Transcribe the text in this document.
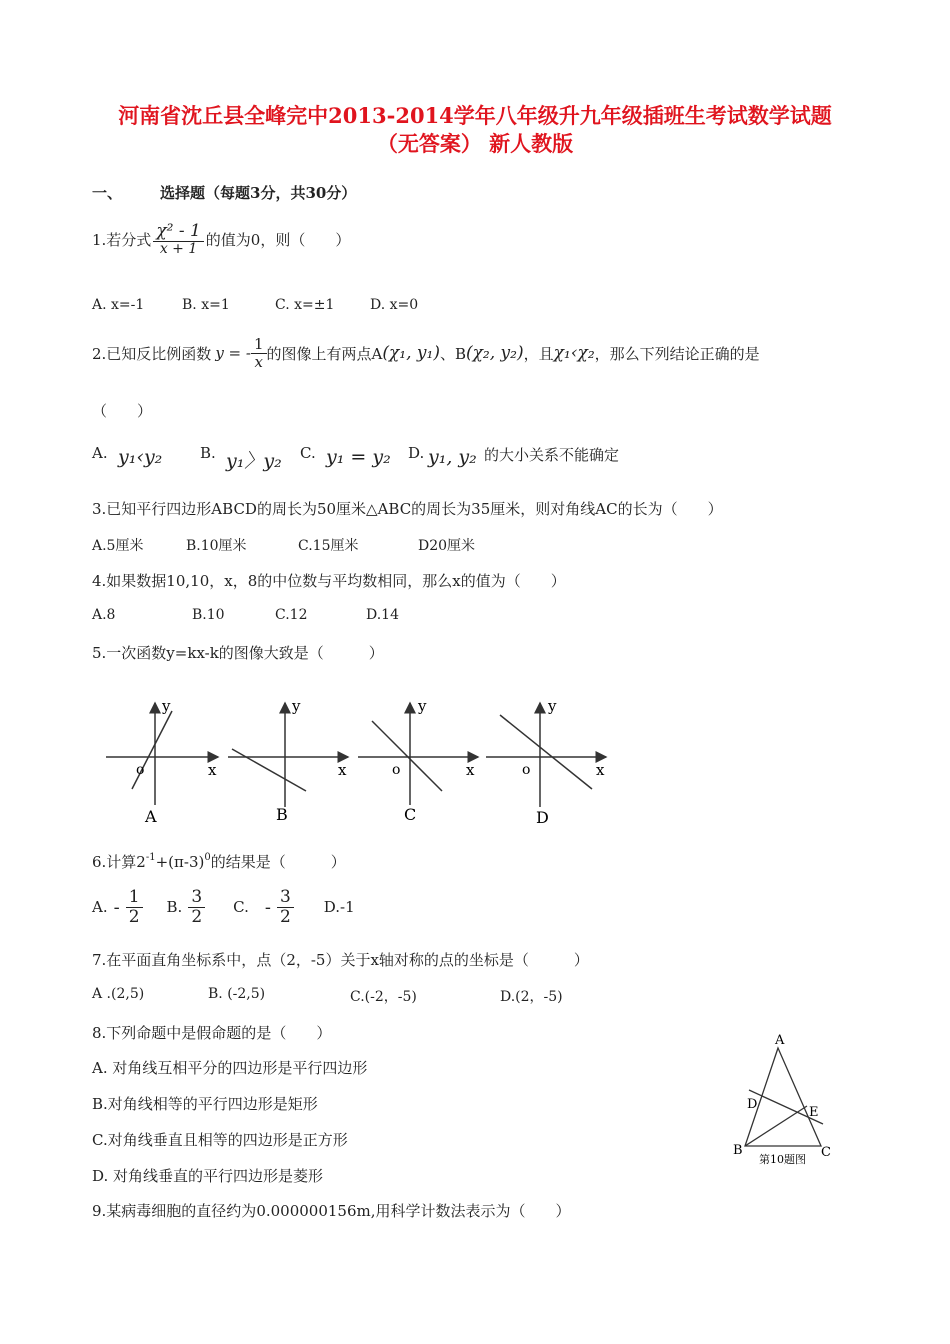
河南省沈丘县全峰完中2013-2014学年八年级升九年级插班生考试数学试题
（无答案） 新人教版
一、	选择题（每题3分，共30分）
1.若分式 $\frac{\text{χ² - 1}}{x + 1}$ 的值为0，则（　　）
A. x=-1	B. x=1	C. x=±1	D. x=0
2.已知反比例函数 y = - $\frac{1}{x}$ 的图像上有两点A (χ₁, y₁) 、B (χ₂, y₂) ，且 χ₁‹χ₂ ，那么下列结论正确的是
（　　）
A. y₁‹y₂	B. y₁〉y₂ C. y₁ = y₂ D. y₁, y₂ 的大小关系不能确定
3.已知平行四边形ABCD的周长为50厘米△ABC的周长为35厘米，则对角线AC的长为（　　）
A.5厘米	B.10厘米	C.15厘米	D20厘米
4.如果数据10,10，x，8的中位数与平均数相同，那么x的值为（　　）
A.8	B.10	C.12	D.14
5.一次函数y=kx-k的图像大致是（　　　）
y
x
o
A
y
x
B
y
x
o
C
y
x
o
D
6.计算$2^{-1}+(\pi-3)^0$的结果是（　　　）
A. - $\frac{1}{2} B$. $\frac{3}{2} C$. - $\frac{3}{2} D.-1$
7.在平面直角坐标系中，点（2，-5）关于x轴对称的点的坐标是（　　　）
A .(2,5)	B. (-2,5)	C.(-2，-5)	D.(2，-5)
8.下列命题中是假命题的是（　　）
A. 对角线互相平分的四边形是平行四边形
B.对角线相等的平行四边形是矩形
C.对角线垂直且相等的四边形是正方形
D. 对角线垂直的平行四边形是菱形
A
D
E
B	C
第10题图
9.某病毒细胞的直径约为0.000000156m,用科学计数法表示为（　　）
